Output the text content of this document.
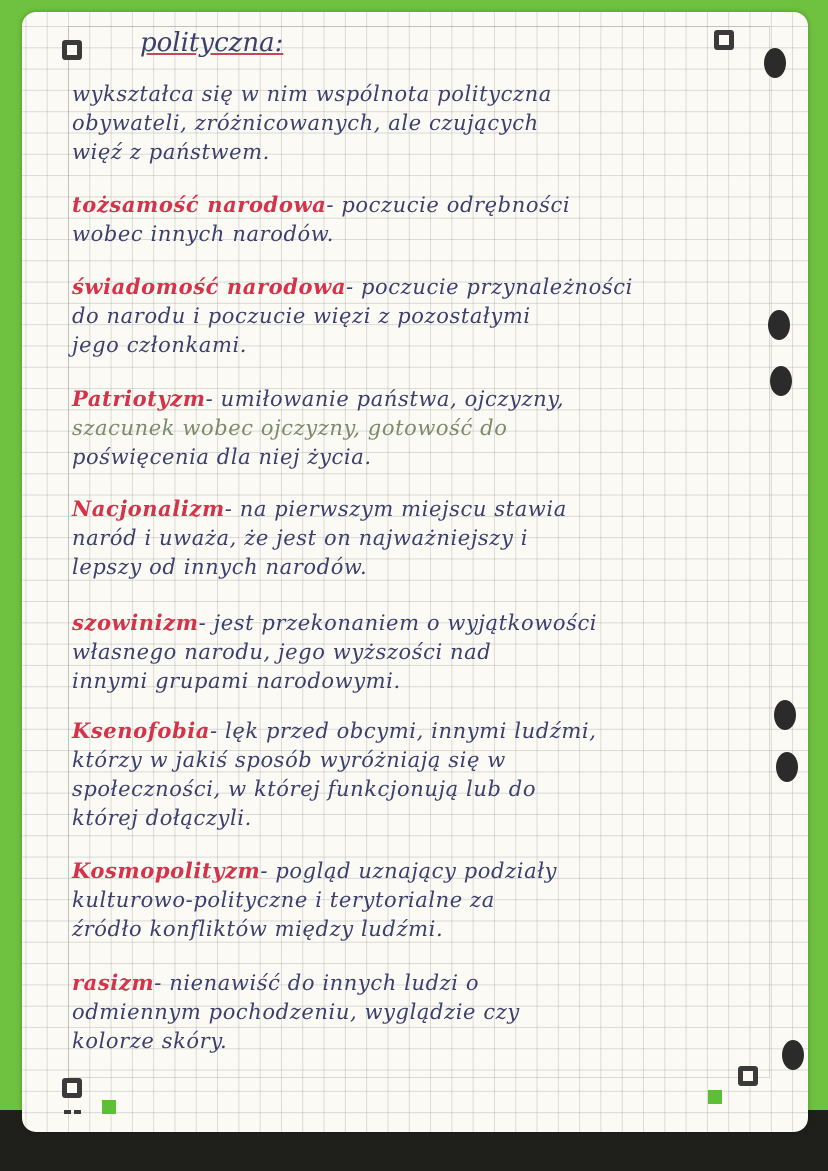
polityczna:
wykształca się w nim wspólnota polityczna
obywateli, zróżnicowanych, ale czujących
więź z państwem.
tożsamość narodowa- poczucie odrębności
wobec innych narodów.
świadomość narodowa- poczucie przynależności
do narodu i poczucie więzi z pozostałymi
jego członkami.
Patriotyzm- umiłowanie państwa, ojczyzny,
szacunek wobec ojczyzny, gotowość do
poświęcenia dla niej życia.
Nacjonalizm- na pierwszym miejscu stawia
naród i uważa, że jest on najważniejszy i
lepszy od innych narodów.
szowinizm- jest przekonaniem o wyjątkowości
własnego narodu, jego wyższości nad
innymi grupami narodowymi.
Ksenofobia- lęk przed obcymi, innymi ludźmi,
którzy w jakiś sposób wyróżniają się w
społeczności, w której funkcjonują lub do
której dołączyli.
Kosmopolityzm- pogląd uznający podziały
kulturowo-polityczne i terytorialne za
źródło konfliktów między ludźmi.
rasizm- nienawiść do innych ludzi o
odmiennym pochodzeniu, wyglądzie czy
kolorze skóry.
